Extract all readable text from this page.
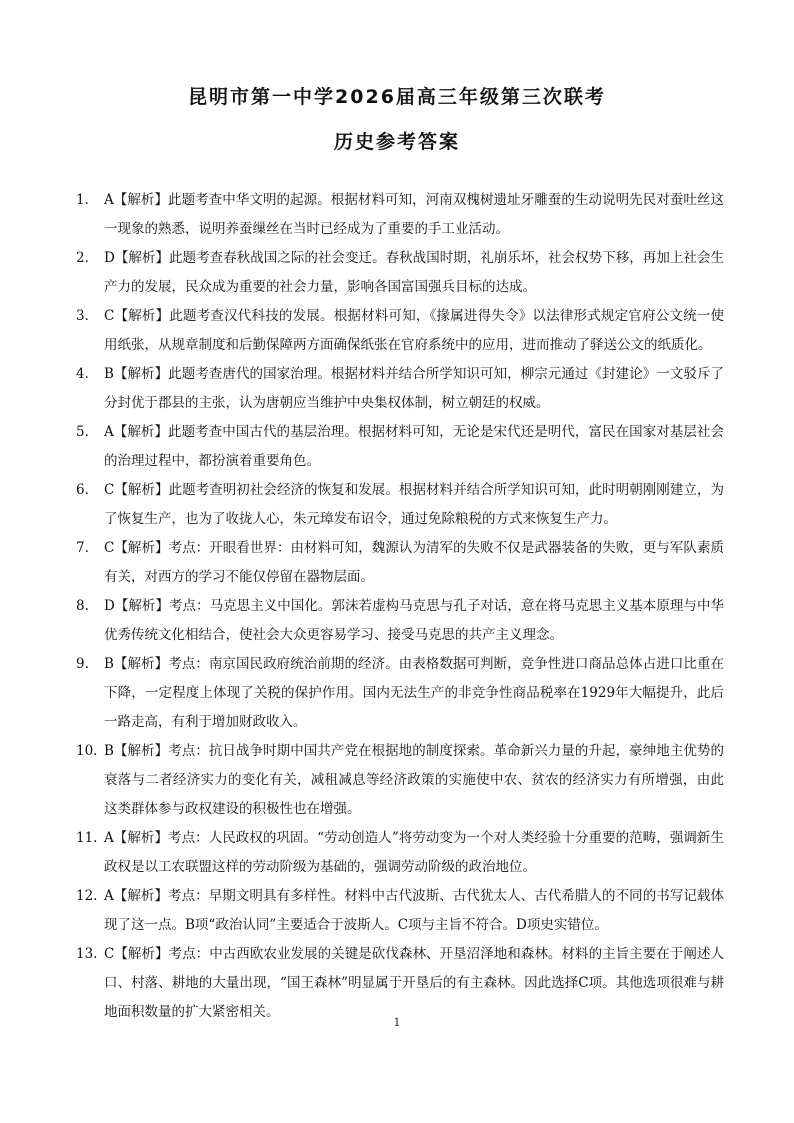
昆明市第一中学2026届高三年级第三次联考
历史参考答案
1． A【解析】此题考查中华文明的起源。根据材料可知，河南双槐树遗址牙雕蚕的生动说明先民对蚕吐丝这一现象的熟悉，说明养蚕缫丝在当时已经成为了重要的手工业活动。
2． D【解析】此题考查春秋战国之际的社会变迁。春秋战国时期，礼崩乐坏，社会权势下移，再加上社会生产力的发展，民众成为重要的社会力量，影响各国富国强兵目标的达成。
3． C【解析】此题考查汉代科技的发展。根据材料可知，《掾属进得失令》以法律形式规定官府公文统一使用纸张，从规章制度和后勤保障两方面确保纸张在官府系统中的应用，进而推动了驿送公文的纸质化。
4． B【解析】此题考查唐代的国家治理。根据材料并结合所学知识可知，柳宗元通过《封建论》一文驳斥了分封优于郡县的主张，认为唐朝应当维护中央集权体制，树立朝廷的权威。
5． A【解析】此题考查中国古代的基层治理。根据材料可知，无论是宋代还是明代，富民在国家对基层社会的治理过程中，都扮演着重要角色。
6． C【解析】此题考查明初社会经济的恢复和发展。根据材料并结合所学知识可知，此时明朝刚刚建立，为了恢复生产，也为了收拢人心，朱元璋发布诏令，通过免除粮税的方式来恢复生产力。
7. C【解析】考点：开眼看世界：由材料可知，魏源认为清军的失败不仅是武器装备的失败，更与军队素质有关，对西方的学习不能仅停留在器物层面。
8. D【解析】考点：马克思主义中国化。郭沫若虚构马克思与孔子对话，意在将马克思主义基本原理与中华优秀传统文化相结合，使社会大众更容易学习、接受马克思的共产主义理念。
9. B【解析】考点：南京国民政府统治前期的经济。由表格数据可判断，竞争性进口商品总体占进口比重在下降，一定程度上体现了关税的保护作用。国内无法生产的非竞争性商品税率在1929年大幅提升，此后一路走高，有利于增加财政收入。
10. B【解析】考点：抗日战争时期中国共产党在根据地的制度探索。革命新兴力量的升起，豪绅地主优势的衰落与二者经济实力的变化有关，减租减息等经济政策的实施使中农、贫农的经济实力有所增强，由此这类群体参与政权建设的积极性也在增强。
11. A【解析】考点：人民政权的巩固。“劳动创造人”将劳动变为一个对人类经验十分重要的范畴，强调新生政权是以工农联盟这样的劳动阶级为基础的，强调劳动阶级的政治地位。
12. A【解析】考点：早期文明具有多样性。材料中古代波斯、古代犹太人、古代希腊人的不同的书写记载体现了这一点。B项“政治认同”主要适合于波斯人。C项与主旨不符合。D项史实错位。
13. C【解析】考点：中古西欧农业发展的关键是砍伐森林、开垦沼泽地和森林。材料的主旨主要在于阐述人口、村落、耕地的大量出现，“国王森林”明显属于开垦后的有主森林。因此选择C项。其他选项很难与耕地面积数量的扩大紧密相关。
1
